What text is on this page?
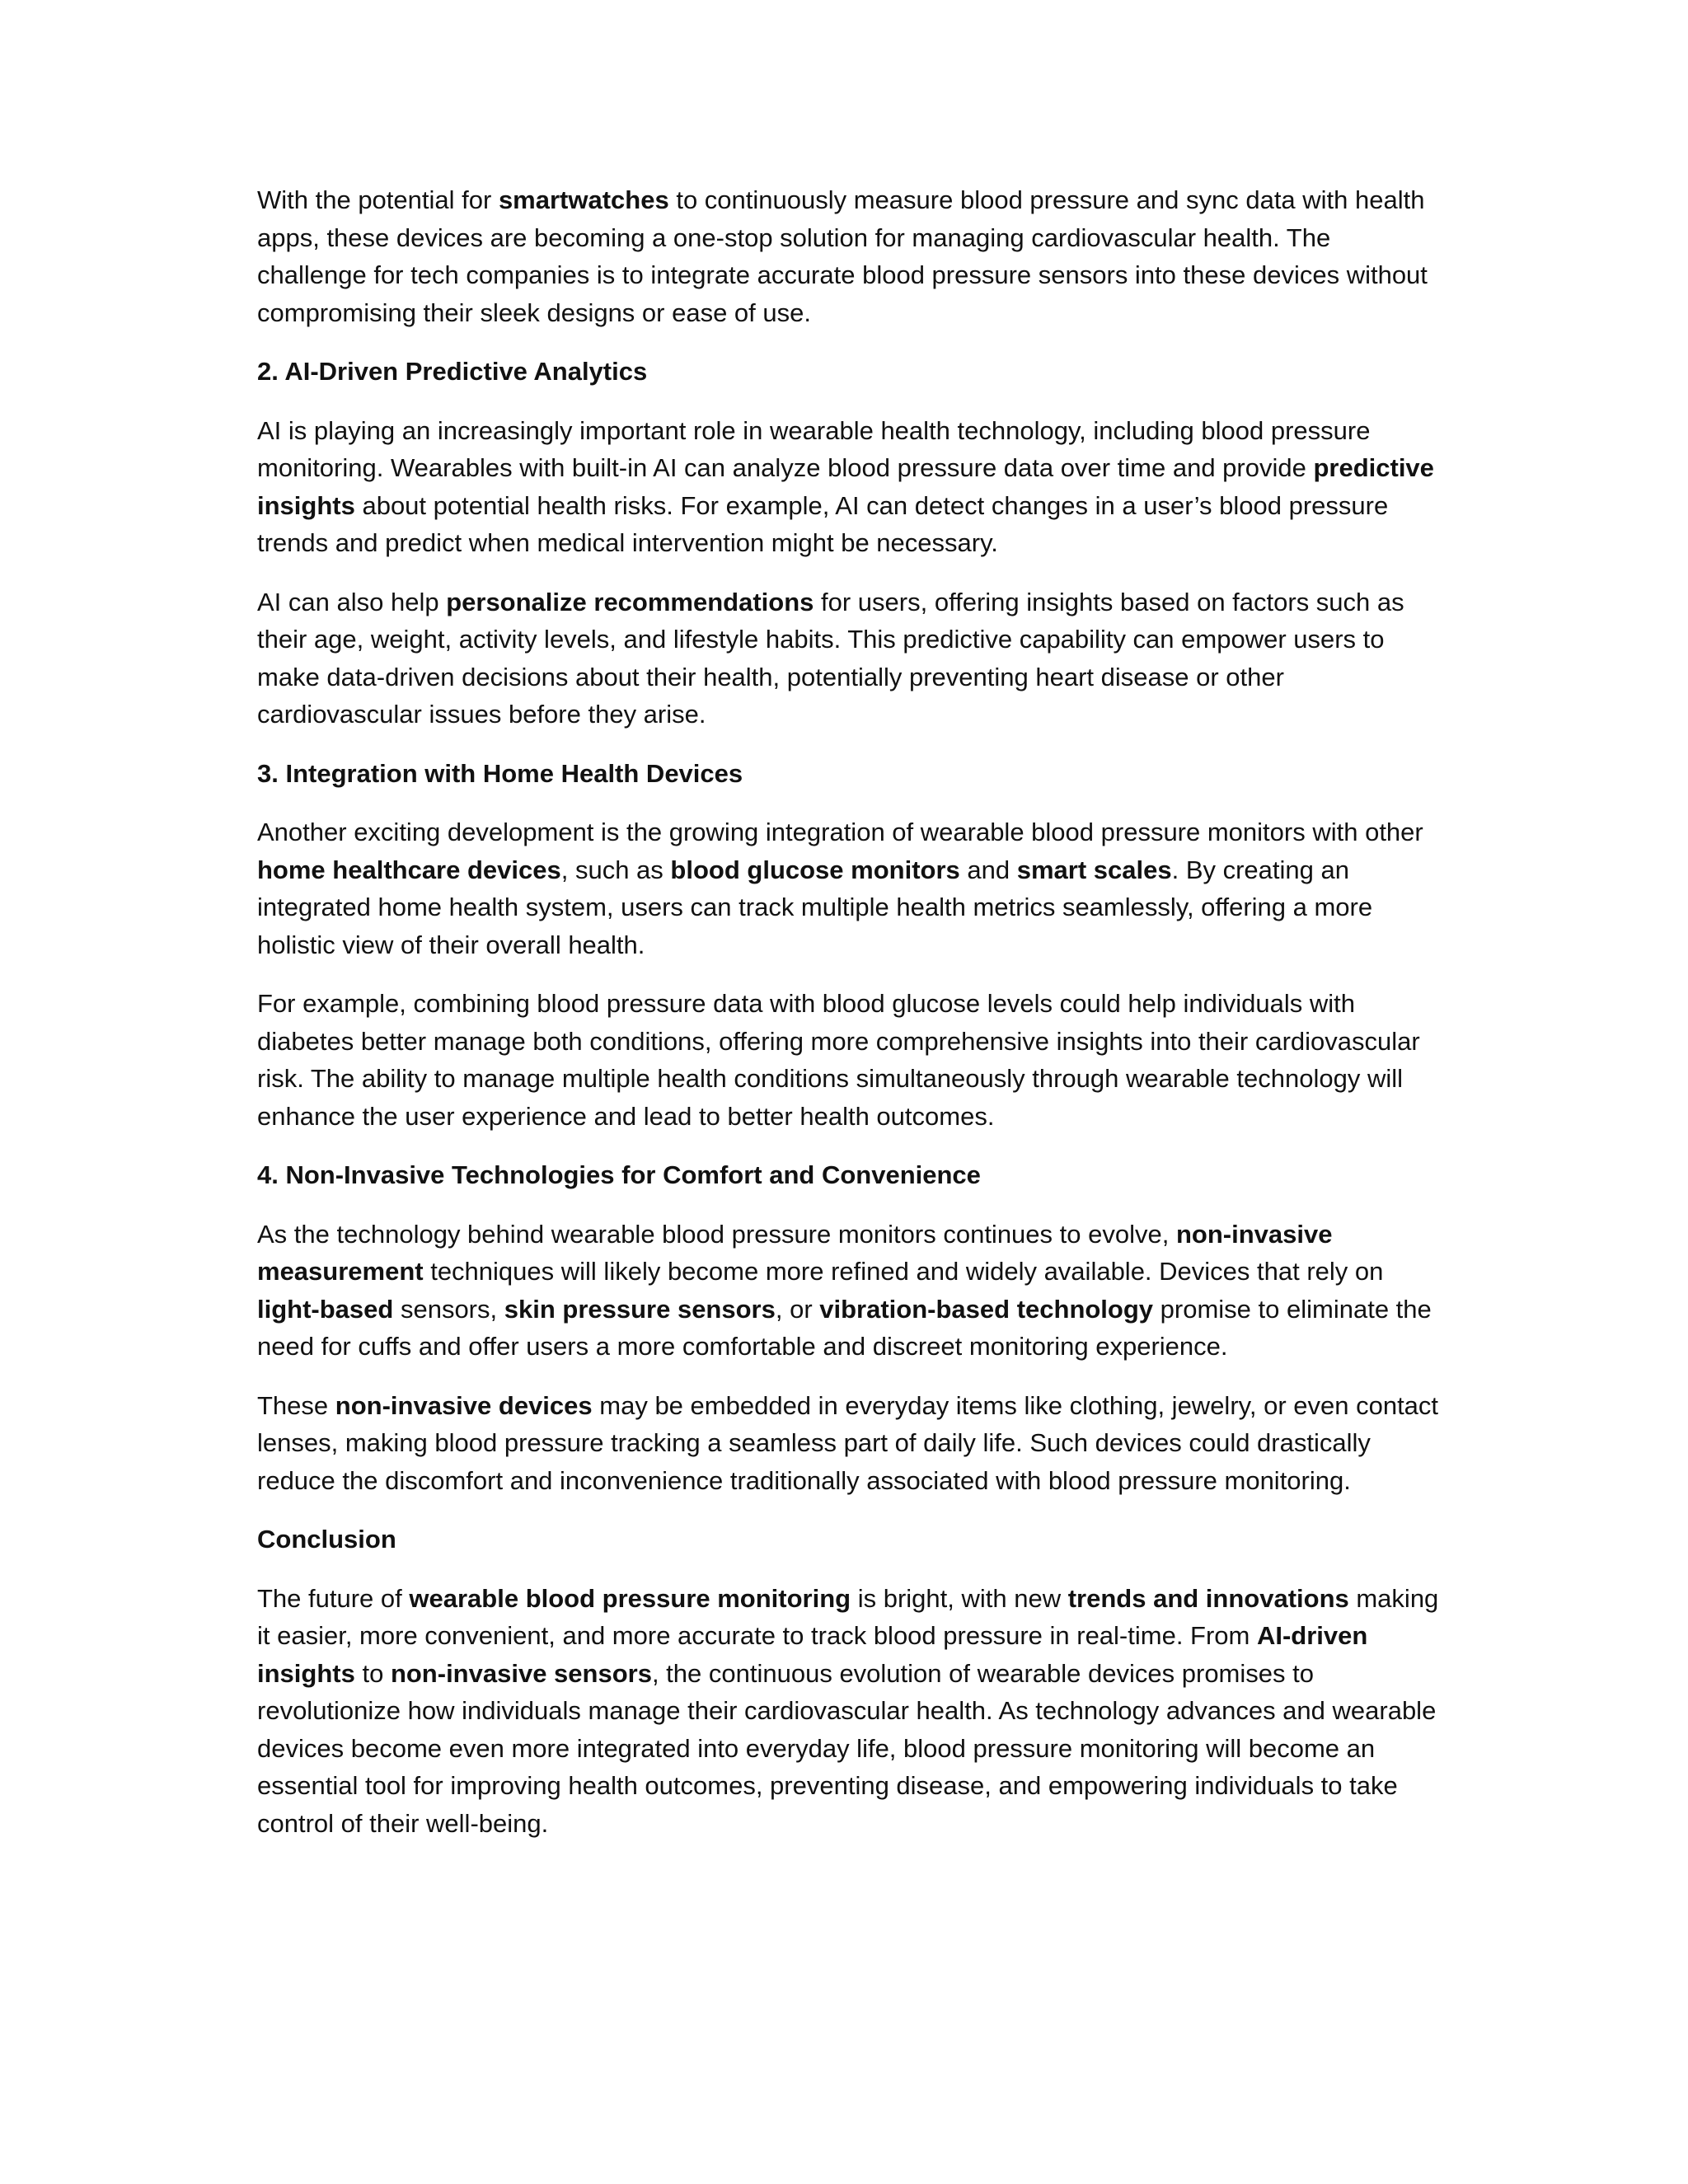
With the potential for smartwatches to continuously measure blood pressure and sync data with health apps, these devices are becoming a one-stop solution for managing cardiovascular health. The challenge for tech companies is to integrate accurate blood pressure sensors into these devices without compromising their sleek designs or ease of use.

2. AI-Driven Predictive Analytics

AI is playing an increasingly important role in wearable health technology, including blood pressure monitoring. Wearables with built-in AI can analyze blood pressure data over time and provide predictive insights about potential health risks. For example, AI can detect changes in a user’s blood pressure trends and predict when medical intervention might be necessary.

AI can also help personalize recommendations for users, offering insights based on factors such as their age, weight, activity levels, and lifestyle habits. This predictive capability can empower users to make data-driven decisions about their health, potentially preventing heart disease or other cardiovascular issues before they arise.

3. Integration with Home Health Devices

Another exciting development is the growing integration of wearable blood pressure monitors with other home healthcare devices, such as blood glucose monitors and smart scales. By creating an integrated home health system, users can track multiple health metrics seamlessly, offering a more holistic view of their overall health.

For example, combining blood pressure data with blood glucose levels could help individuals with diabetes better manage both conditions, offering more comprehensive insights into their cardiovascular risk. The ability to manage multiple health conditions simultaneously through wearable technology will enhance the user experience and lead to better health outcomes.

4. Non-Invasive Technologies for Comfort and Convenience

As the technology behind wearable blood pressure monitors continues to evolve, non-invasive measurement techniques will likely become more refined and widely available. Devices that rely on light-based sensors, skin pressure sensors, or vibration-based technology promise to eliminate the need for cuffs and offer users a more comfortable and discreet monitoring experience.

These non-invasive devices may be embedded in everyday items like clothing, jewelry, or even contact lenses, making blood pressure tracking a seamless part of daily life. Such devices could drastically reduce the discomfort and inconvenience traditionally associated with blood pressure monitoring.

Conclusion

The future of wearable blood pressure monitoring is bright, with new trends and innovations making it easier, more convenient, and more accurate to track blood pressure in real-time. From AI-driven insights to non-invasive sensors, the continuous evolution of wearable devices promises to revolutionize how individuals manage their cardiovascular health. As technology advances and wearable devices become even more integrated into everyday life, blood pressure monitoring will become an essential tool for improving health outcomes, preventing disease, and empowering individuals to take control of their well-being.
